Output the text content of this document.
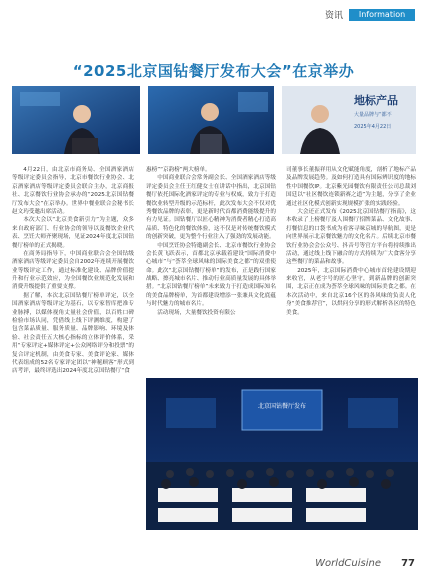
资讯	Information
“2025北京国钻餐厅发布大会”在京举办
地标产品
大量品牌与“都不
2025年4月22日

4月22日，由北京市商务局、全国酒家酒店等级评定委员会指导，北京市餐饮行业协会、北京酒家酒店等级评定委员会联合主办，北京商报社、北京餐饮行业协会承办的“2025北京国钻餐厅发布大会”在京举办。世界中餐业联合会秘书长赵文玙受邀出席活动。

本次大会以“北京美食新引力”为主题，众多来自政府部门、行业协会的领导以及餐饮企业代表、烹饪大师齐聚现场，见证2024年度北京国钻餐厅榜单的正式揭晓。

在商务局指导下，中国商业联合会全国钻级酒家酒店等级评定委员会自2002年连续开展餐饮业等级评定工作，通过标准化建设、品牌价值提升和行业示范效应，为全国餐饮业规范化发展和消费升级提供了重要支撑。

据了解，本次北京国钻餐厅榜单评定，以全国酒家酒店等级评定为基石，以专家智库把准专业脉搏，以媒体视角丈量社会价值，以百姓口碑检验市场认同，凭借线上线下评测维度，构建了包含菜品质量、服务质量、品牌影响、环境及体验、社会责任五大核心指标的立体评价体系，采用“专家评定+媒体评定+公众网络评分和投票”的复合评定机制，由美食专家、美食评论家、媒体代表组成的52名专家评定团以“神秘顾客”形式到店考评，最终评选出2024年度北京国钻餐厅“食

惠榜”“京韵榜”两大榜单。

中国商业联合会常务副会长、全国酒家酒店等级评定委员会主任王红健女士在讲话中指出，北京国钻餐厅依托国际化酒家评定的专业与权威，致力于打造餐饮业转型升级的示范标杆，此次发布大会不仅对优秀餐饮品牌的表彰，更是新时代首都消费能级提升的有力见证。国钻餐厅以匠心精神为消费者精心打造高品质、特色化的餐饮体验，这不仅是对传统餐饮模式的创新突破，更为整个行业注入了强劲的发展动能。

中国烹饪协会特邀副会长、北京市餐饮行业协会会长黄飞跃表示，首都北京承载着建设“国际消费中心城市”与“荟萃全球风味的国际美食之都”的双重使命。此次“北京国钻餐厅榜单”的发布，正是践行国家战略、擦亮城市名片、推动行业高质量发展的具体举措。“北京国钻餐厅榜单”未来致力于打造成国际知名的美食品牌榜单，为首都建设增添一张兼具文化底蕴与时代魅力的城市名片。

活动现场，大量餐饮投资有限公

司董事长董振祥用从文化赋能角度，剖析了地标产品及品牌发展趋势。及如何打造具有国际辨识度的地标性中国餐饮IP。北京紫光园餐饮有限责任公司总裁刘国廷以“社区餐饮连锁新赛之道”为主题，分享了企业通过社区化模式创新实现规模扩张的实践经验。

大会还正式发布《2025北京国钻餐厅指南》，这本收录了上榜餐厅及人围餐厅招牌菜品、文化故事、打餐信息的口袋书成为看客寻味京城的导航图，更是向世界展示北京餐饮魅力的文化名片。后续北京市餐饮行业协会会公众号、抖音号等官方平台将持续推出活动，通过线上线下融合的方式持续为广大食客分享这些餐厅的菜品和故事。

2025年，北京国际消费中心城市首轮建设期迎来收官，从老字号的匠心坚守，到新品牌的创新突围，北京正在成为荟萃全球风味的国际美食之都。在本次活动中，来自北京16个区的各风味的负责人化身“美食推荐官”，以烘问分享的形式解析各区的特色美食。

北京国钻餐厅发布
WorldCuisine 77
